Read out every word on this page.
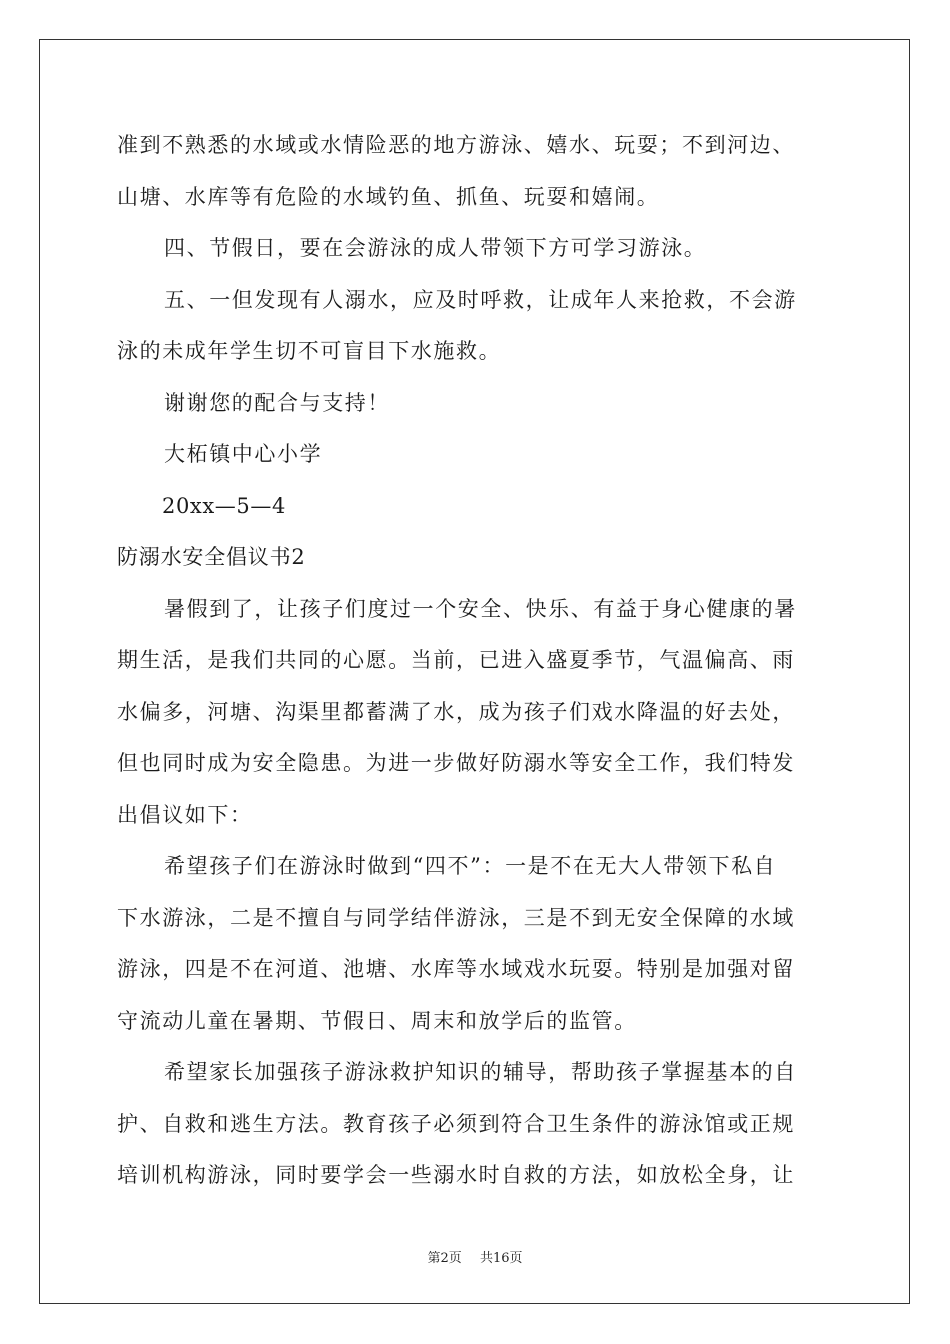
准到不熟悉的水域或水情险恶的地方游泳、嬉水、玩耍；不到河边、
山塘、水库等有危险的水域钓鱼、抓鱼、玩耍和嬉闹。
四、节假日，要在会游泳的成人带领下方可学习游泳。
五、一但发现有人溺水，应及时呼救，让成年人来抢救，不会游
泳的未成年学生切不可盲目下水施救。
谢谢您的配合与支持！
大柘镇中心小学
20xx—5—4
防溺水安全倡议书2
暑假到了，让孩子们度过一个安全、快乐、有益于身心健康的暑
期生活，是我们共同的心愿。当前，已进入盛夏季节，气温偏高、雨
水偏多，河塘、沟渠里都蓄满了水，成为孩子们戏水降温的好去处，
但也同时成为安全隐患。为进一步做好防溺水等安全工作，我们特发
出倡议如下：
希望孩子们在游泳时做到“四不”：一是不在无大人带领下私自
下水游泳，二是不擅自与同学结伴游泳，三是不到无安全保障的水域
游泳，四是不在河道、池塘、水库等水域戏水玩耍。特别是加强对留
守流动儿童在暑期、节假日、周末和放学后的监管。
希望家长加强孩子游泳救护知识的辅导，帮助孩子掌握基本的自
护、自救和逃生方法。教育孩子必须到符合卫生条件的游泳馆或正规
培训机构游泳，同时要学会一些溺水时自救的方法，如放松全身，让
第2页 共16页
